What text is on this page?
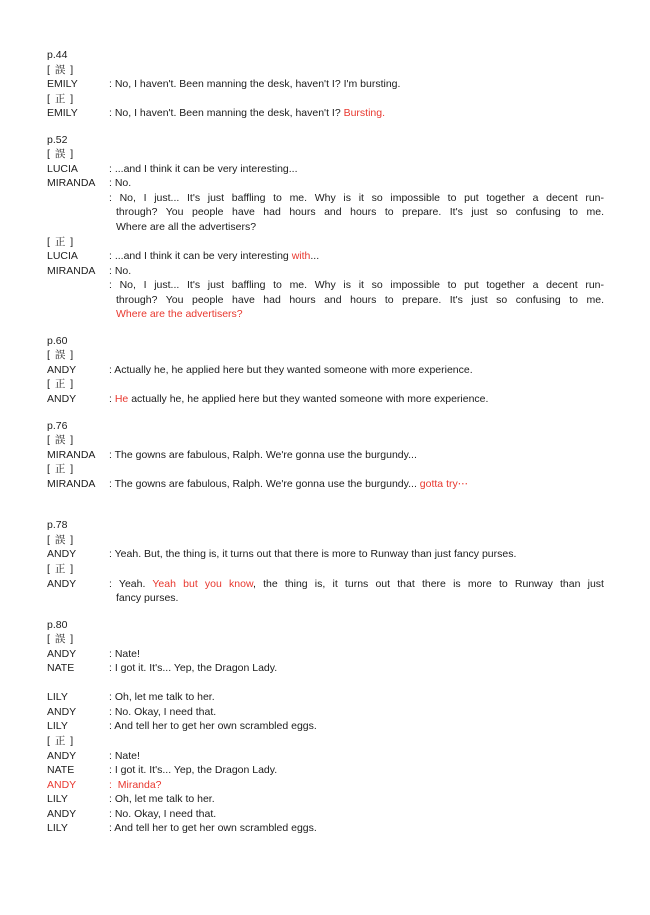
p.44
[ 誤 ]
EMILY	: No, I haven't. Been manning the desk, haven't I? I'm bursting.
[ 正 ]
EMILY	: No, I haven't. Been manning the desk, haven't I? Bursting.
p.52
[ 誤 ]
LUCIA	: ...and I think it can be very interesting...
MIRANDA	: No.
: No, I just... It's just baffling to me. Why is it so impossible to put together a decent run-
through? You people have had hours and hours to prepare. It's just so confusing to me.
Where are all the advertisers?
[ 正 ]
LUCIA	: ...and I think it can be very interesting with...
MIRANDA	: No.
: No, I just... It's just baffling to me. Why is it so impossible to put together a decent run-
through? You people have had hours and hours to prepare. It's just so confusing to me.
Where are the advertisers?
p.60
[ 誤 ]
ANDY	: Actually he, he applied here but they wanted someone with more experience.
[ 正 ]
ANDY	: He actually he, he applied here but they wanted someone with more experience.
p.76
[ 誤 ]
MIRANDA	: The gowns are fabulous, Ralph. We're gonna use the burgundy...
[ 正 ]
MIRANDA	: The gowns are fabulous, Ralph. We're gonna use the burgundy... gotta try⋯
p.78
[ 誤 ]
ANDY	: Yeah. But, the thing is, it turns out that there is more to Runway than just fancy purses.
[ 正 ]
ANDY	: Yeah. Yeah but you know, the thing is, it turns out that there is more to Runway than just
fancy purses.
p.80
[ 誤 ]
ANDY	: Nate!
NATE	: I got it. It's... Yep, the Dragon Lady.
LILY	: Oh, let me talk to her.
ANDY	: No. Okay, I need that.
LILY	: And tell her to get her own scrambled eggs.
[ 正 ]
ANDY	: Nate!
NATE	: I got it. It's... Yep, the Dragon Lady.
ANDY	:  Miranda?
LILY	: Oh, let me talk to her.
ANDY	: No. Okay, I need that.
LILY	: And tell her to get her own scrambled eggs.
